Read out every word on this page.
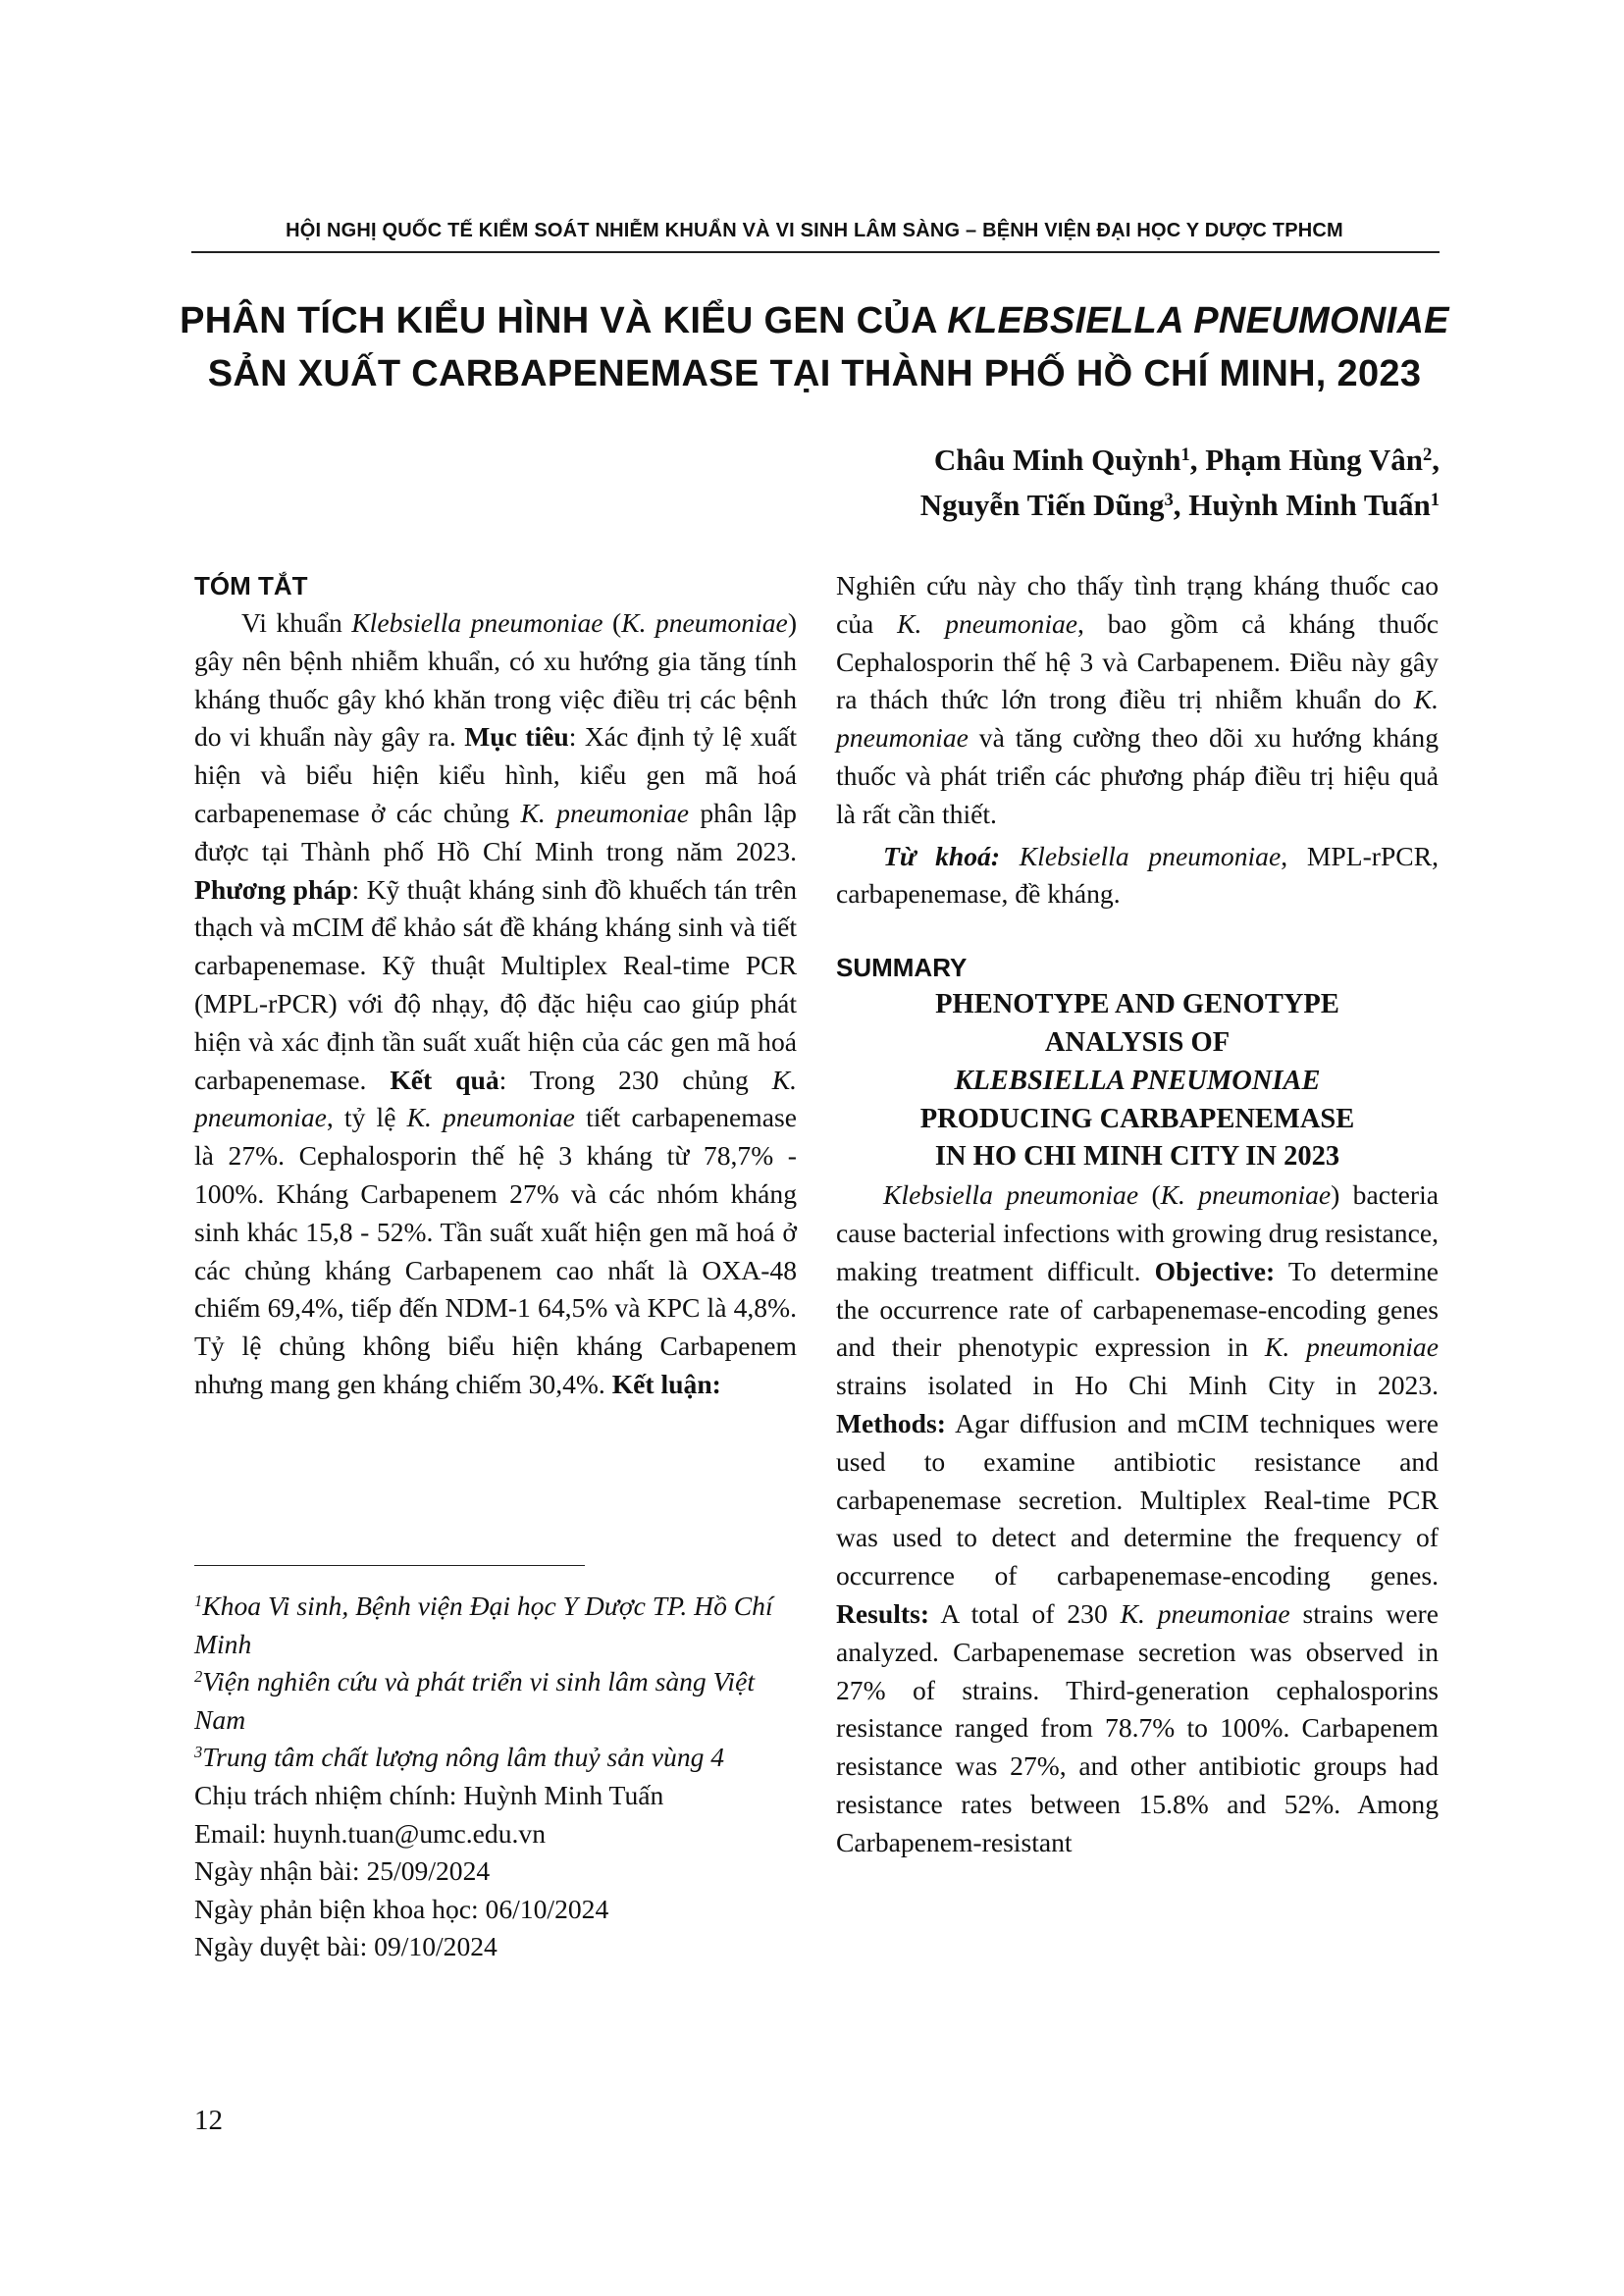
HỘI NGHỊ QUỐC TẾ KIỂM SOÁT NHIỄM KHUẨN VÀ VI SINH LÂM SÀNG – BỆNH VIỆN ĐẠI HỌC Y DƯỢC TPHCM
PHÂN TÍCH KIỂU HÌNH VÀ KIỂU GEN CỦA KLEBSIELLA PNEUMONIAE
SẢN XUẤT CARBAPENEMASE TẠI THÀNH PHỐ HỒ CHÍ MINH, 2023
Châu Minh Quỳnh$^1$, Phạm Hùng Vân$^2$,
Nguyễn Tiến Dũng$^3$, Huỳnh Minh Tuấn$^1$
TÓM TẮT

Vi khuẩn Klebsiella pneumoniae (K. pneumoniae) gây nên bệnh nhiễm khuẩn, có xu hướng gia tăng tính kháng thuốc gây khó khăn trong việc điều trị các bệnh do vi khuẩn này gây ra. Mục tiêu: Xác định tỷ lệ xuất hiện và biểu hiện kiểu hình, kiểu gen mã hoá carbapenemase ở các chủng K. pneumoniae phân lập được tại Thành phố Hồ Chí Minh trong năm 2023. Phương pháp: Kỹ thuật kháng sinh đồ khuếch tán trên thạch và mCIM để khảo sát đề kháng kháng sinh và tiết carbapenemase. Kỹ thuật Multiplex Real-time PCR (MPL-rPCR) với độ nhạy, độ đặc hiệu cao giúp phát hiện và xác định tần suất xuất hiện của các gen mã hoá carbapenemase. Kết quả: Trong 230 chủng K. pneumoniae, tỷ lệ K. pneumoniae tiết carbapenemase là 27%. Cephalosporin thế hệ 3 kháng từ 78,7% - 100%. Kháng Carbapenem 27% và các nhóm kháng sinh khác 15,8 - 52%. Tần suất xuất hiện gen mã hoá ở các chủng kháng Carbapenem cao nhất là OXA-48 chiếm 69,4%, tiếp đến NDM-1 64,5% và KPC là 4,8%. Tỷ lệ chủng không biểu hiện kháng Carbapenem nhưng mang gen kháng chiếm 30,4%. Kết luận:

$^1$Khoa Vi sinh, Bệnh viện Đại học Y Dược TP. Hồ Chí Minh
$^2$Viện nghiên cứu và phát triển vi sinh lâm sàng Việt Nam
$^3$Trung tâm chất lượng nông lâm thuỷ sản vùng 4
Chịu trách nhiệm chính: Huỳnh Minh Tuấn
Email: huynh.tuan@umc.edu.vn
Ngày nhận bài: 25/09/2024
Ngày phản biện khoa học: 06/10/2024
Ngày duyệt bài: 09/10/2024

Nghiên cứu này cho thấy tình trạng kháng thuốc cao của K. pneumoniae, bao gồm cả kháng thuốc Cephalosporin thế hệ 3 và Carbapenem. Điều này gây ra thách thức lớn trong điều trị nhiễm khuẩn do K. pneumoniae và tăng cường theo dõi xu hướng kháng thuốc và phát triển các phương pháp điều trị hiệu quả là rất cần thiết.

Từ khoá: Klebsiella pneumoniae, MPL-rPCR, carbapenemase, đề kháng.

SUMMARY
PHENOTYPE AND GENOTYPE
ANALYSIS OF
KLEBSIELLA PNEUMONIAE
PRODUCING CARBAPENEMASE
IN HO CHI MINH CITY IN 2023

Klebsiella pneumoniae (K. pneumoniae) bacteria cause bacterial infections with growing drug resistance, making treatment difficult. Objective: To determine the occurrence rate of carbapenemase-encoding genes and their phenotypic expression in K. pneumoniae strains isolated in Ho Chi Minh City in 2023. Methods: Agar diffusion and mCIM techniques were used to examine antibiotic resistance and carbapenemase secretion. Multiplex Real-time PCR was used to detect and determine the frequency of occurrence of carbapenemase-encoding genes. Results: A total of 230 K. pneumoniae strains were analyzed. Carbapenemase secretion was observed in 27% of strains. Third-generation cephalosporins resistance ranged from 78.7% to 100%. Carbapenem resistance was 27%, and other antibiotic groups had resistance rates between 15.8% and 52%. Among Carbapenem-resistant

12
